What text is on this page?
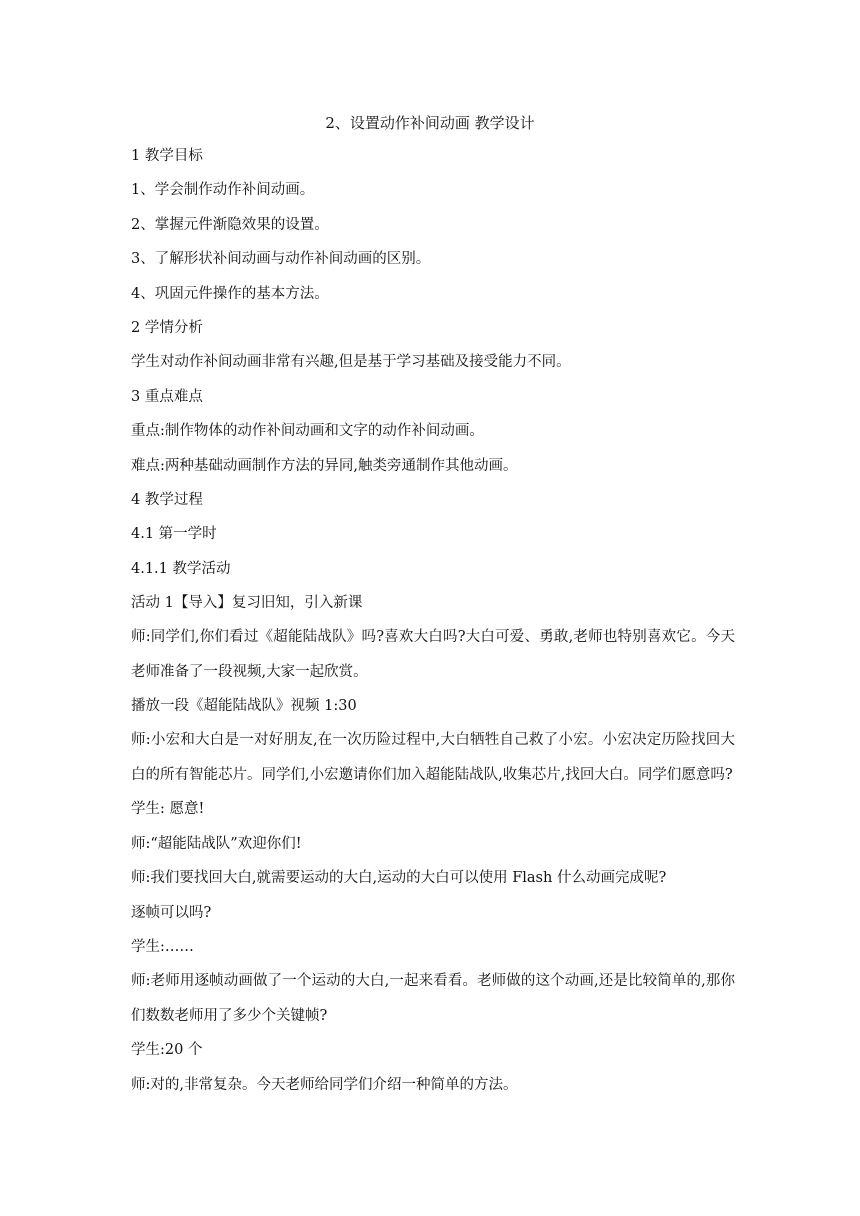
2、设置动作补间动画 教学设计
1 教学目标
1、学会制作动作补间动画。
2、掌握元件渐隐效果的设置。
3、了解形状补间动画与动作补间动画的区别。
4、巩固元件操作的基本方法。
2 学情分析
学生对动作补间动画非常有兴趣,但是基于学习基础及接受能力不同。
3 重点难点
重点:制作物体的动作补间动画和文字的动作补间动画。
难点:两种基础动画制作方法的异同,触类旁通制作其他动画。
4 教学过程
4.1 第一学时
4.1.1 教学活动
活动 1【导入】复习旧知，引入新课
师:同学们,你们看过《超能陆战队》吗?喜欢大白吗?大白可爱、勇敢,老师也特别喜欢它。今天老师准备了一段视频,大家一起欣赏。
播放一段《超能陆战队》视频 1:30
师:小宏和大白是一对好朋友,在一次历险过程中,大白牺牲自己救了小宏。小宏决定历险找回大白的所有智能芯片。同学们,小宏邀请你们加入超能陆战队,收集芯片,找回大白。同学们愿意吗?
学生: 愿意!
师:“超能陆战队”欢迎你们!
师:我们要找回大白,就需要运动的大白,运动的大白可以使用 Flash 什么动画完成呢?
逐帧可以吗?
学生:……
师:老师用逐帧动画做了一个运动的大白,一起来看看。老师做的这个动画,还是比较简单的,那你们数数老师用了多少个关键帧?
学生:20 个
师:对的,非常复杂。今天老师给同学们介绍一种简单的方法。
